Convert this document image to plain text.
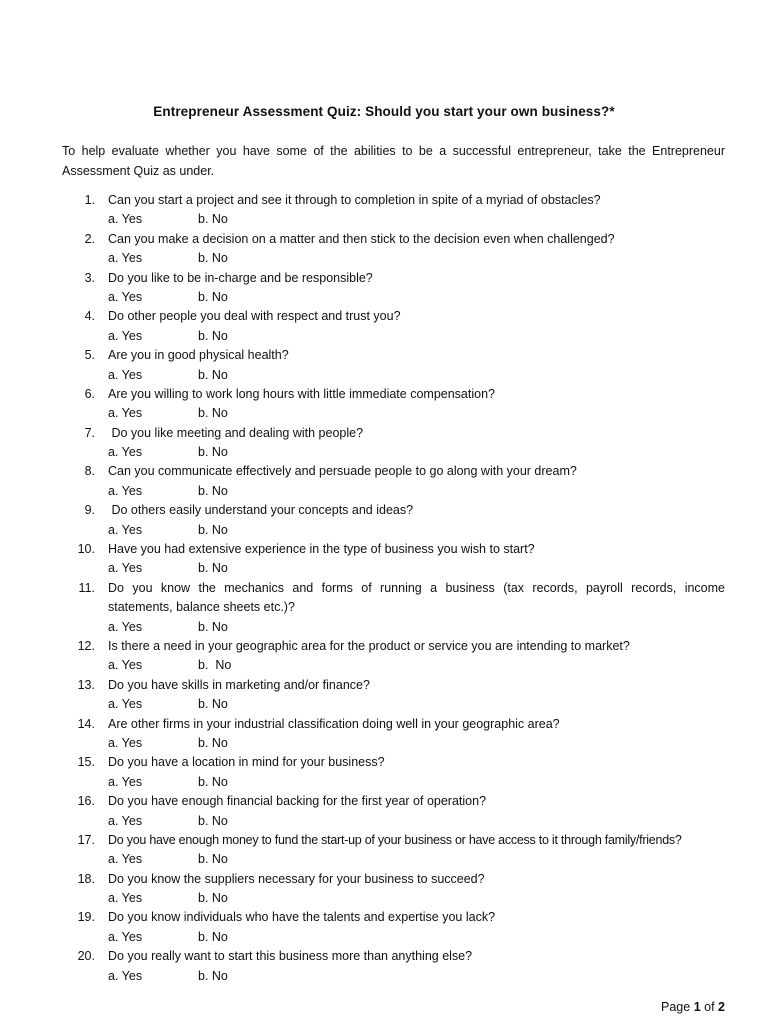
Entrepreneur Assessment Quiz: Should you start your own business?*
To help evaluate whether you have some of the abilities to be a successful entrepreneur, take the Entrepreneur
Assessment Quiz as under.
1. Can you start a project and see it through to completion in spite of a myriad of obstacles?
a. Yes	b. No
2. Can you make a decision on a matter and then stick to the decision even when challenged?
a. Yes	b. No
3. Do you like to be in-charge and be responsible?
a. Yes	b. No
4. Do other people you deal with respect and trust you?
a. Yes	b. No
5. Are you in good physical health?
a. Yes	b. No
6. Are you willing to work long hours with little immediate compensation?
a. Yes	b. No
7. Do you like meeting and dealing with people?
a. Yes	b. No
8. Can you communicate effectively and persuade people to go along with your dream?
a. Yes	b. No
9. Do others easily understand your concepts and ideas?
a. Yes	b. No
10. Have you had extensive experience in the type of business you wish to start?
a. Yes	b. No
11. Do you know the mechanics and forms of running a business (tax records, payroll records, income
statements, balance sheets etc.)?
a. Yes	b. No
12. Is there a need in your geographic area for the product or service you are intending to market?
a. Yes	b.  No
13. Do you have skills in marketing and/or finance?
a. Yes	b. No
14. Are other firms in your industrial classification doing well in your geographic area?
a. Yes	b. No
15. Do you have a location in mind for your business?
a. Yes	b. No
16. Do you have enough financial backing for the first year of operation?
a. Yes	b. No
17. Do you have enough money to fund the start-up of your business or have access to it through family/friends?
a. Yes	b. No
18. Do you know the suppliers necessary for your business to succeed?
a. Yes	b. No
19. Do you know individuals who have the talents and expertise you lack?
a. Yes	b. No
20. Do you really want to start this business more than anything else?
a. Yes	b. No
Page 1 of 2
